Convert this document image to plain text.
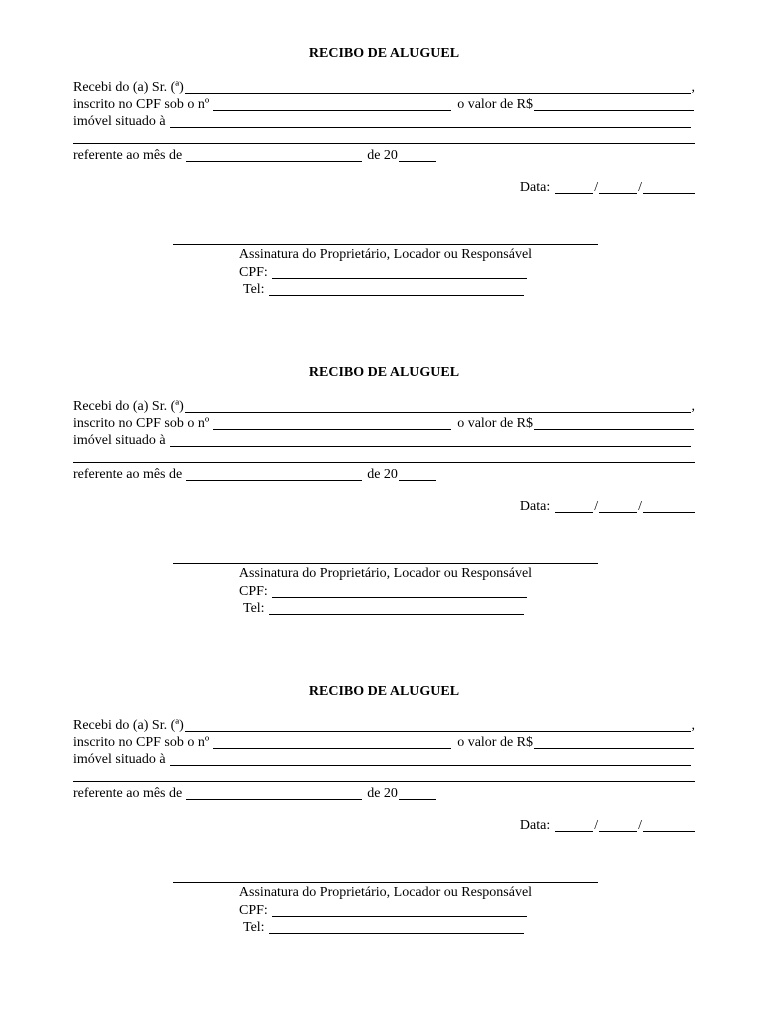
RECIBO DE ALUGUEL
Recebi do (a) Sr. (ª)	,
inscrito no CPF sob o nº	o valor de R$
imóvel situado à
referente ao mês de	de 20
Data:	/	/
Assinatura do Proprietário, Locador ou Responsável
CPF:
Tel:
RECIBO DE ALUGUEL
Recebi do (a) Sr. (ª)	,
inscrito no CPF sob o nº	o valor de R$
imóvel situado à
referente ao mês de	de 20
Data:	/	/
Assinatura do Proprietário, Locador ou Responsável
CPF:
Tel:
RECIBO DE ALUGUEL
Recebi do (a) Sr. (ª)	,
inscrito no CPF sob o nº	o valor de R$
imóvel situado à
referente ao mês de	de 20
Data:	/	/
Assinatura do Proprietário, Locador ou Responsável
CPF:
Tel:
